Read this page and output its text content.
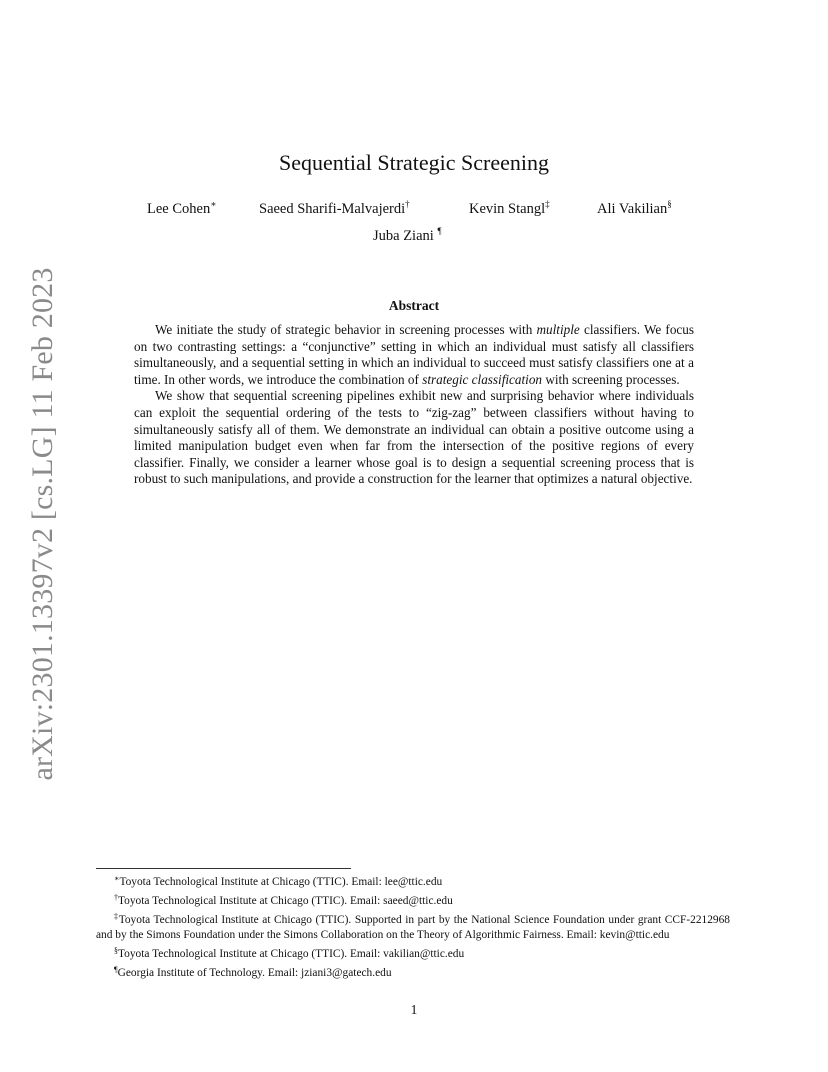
arXiv:2301.13397v2 [cs.LG] 11 Feb 2023
Sequential Strategic Screening
Lee Cohen∗	Saeed Sharifi-Malvajerdi†	Kevin Stangl‡	Ali Vakilian§
Juba Ziani ¶
Abstract

We initiate the study of strategic behavior in screening processes with multiple classifiers. We focus on two contrasting settings: a “conjunctive” setting in which an individual must satisfy all classifiers simultaneously, and a sequential setting in which an individual to succeed must satisfy classifiers one at a time. In other words, we introduce the combination of strategic classification with screening processes.

We show that sequential screening pipelines exhibit new and surprising behavior where individuals can exploit the sequential ordering of the tests to “zig-zag” between classifiers without having to simultaneously satisfy all of them. We demonstrate an individual can obtain a positive outcome using a limited manipulation budget even when far from the intersection of the positive regions of every classifier. Finally, we consider a learner whose goal is to design a sequential screening process that is robust to such manipulations, and provide a construction for the learner that optimizes a natural objective.

∗Toyota Technological Institute at Chicago (TTIC). Email: lee@ttic.edu
†Toyota Technological Institute at Chicago (TTIC). Email: saeed@ttic.edu
‡Toyota Technological Institute at Chicago (TTIC). Supported in part by the National Science Foundation under grant CCF-2212968 and by the Simons Foundation under the Simons Collaboration on the Theory of Algorithmic Fairness. Email: kevin@ttic.edu
§Toyota Technological Institute at Chicago (TTIC). Email: vakilian@ttic.edu
¶Georgia Institute of Technology. Email: jziani3@gatech.edu
1
